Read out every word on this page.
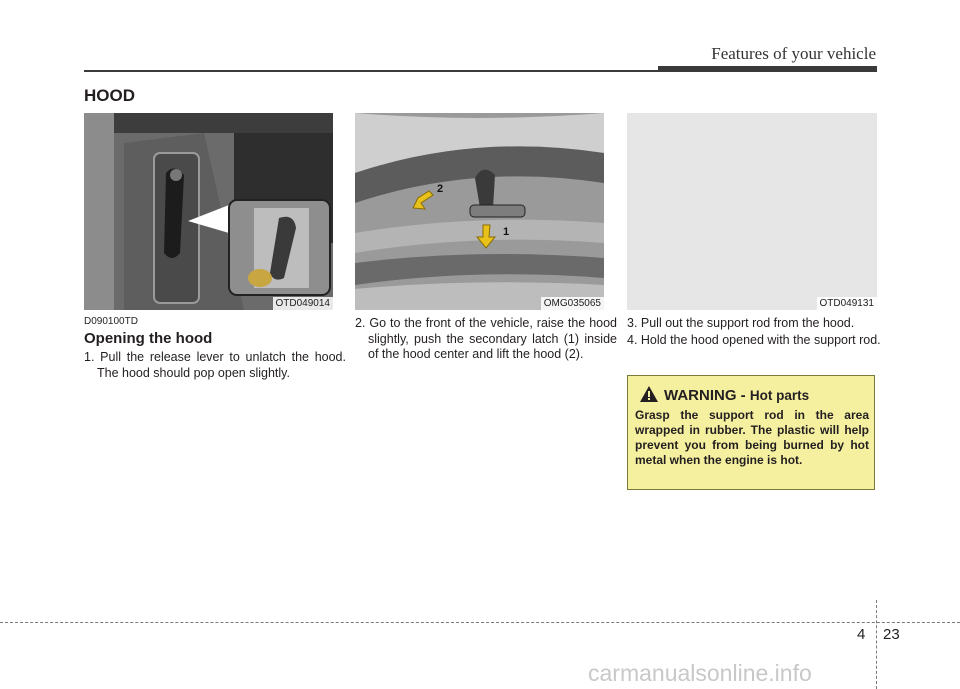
Features of your vehicle
HOOD
OTD049014
2
1
OMG035065	OTD049131
D090100TD
Opening the hood
1. Pull the release lever to unlatch the hood. The hood should pop open slightly.
2. Go to the front of the vehicle, raise the hood slightly, push the secondary latch (1) inside of the hood center and lift the hood (2).
3. Pull out the support rod from the hood.
4. Hold the hood opened with the support rod.
WARNING - Hot parts
Grasp the support rod in the area wrapped in rubber. The plastic will help prevent you from being burned by hot metal when the engine is hot.
4 23
carmanualsonline.info
